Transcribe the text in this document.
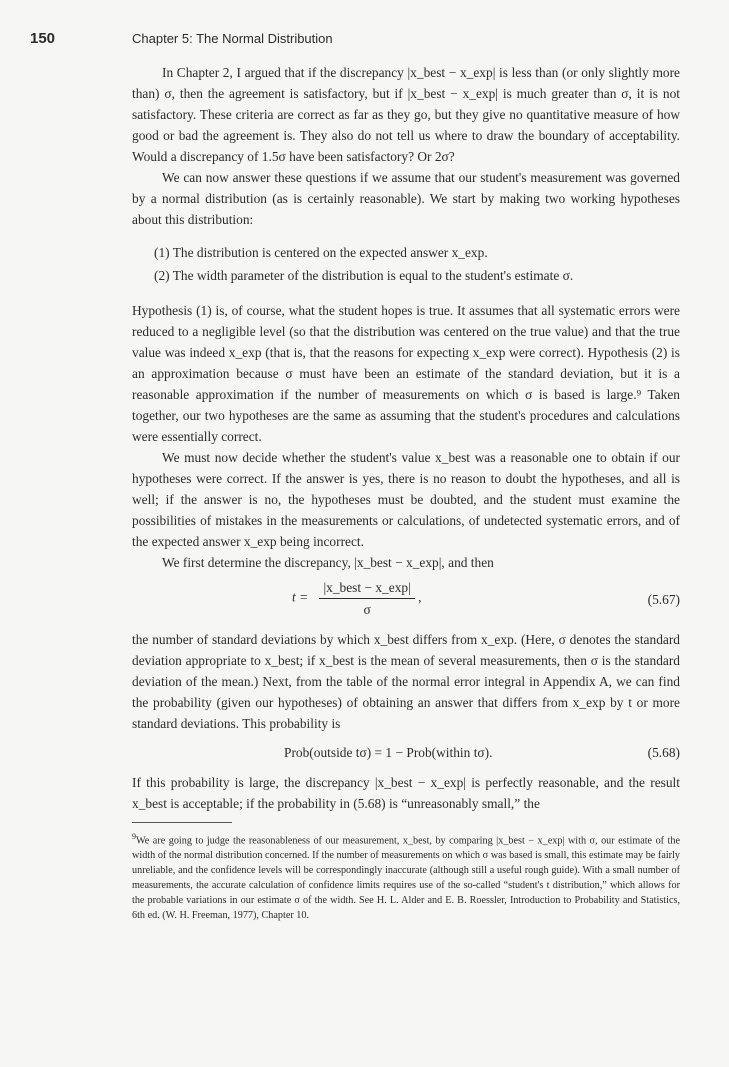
150	Chapter 5: The Normal Distribution

In Chapter 2, I argued that if the discrepancy |x_best − x_exp| is less than (or only slightly more than) σ, then the agreement is satisfactory, but if |x_best − x_exp| is much greater than σ, it is not satisfactory. These criteria are correct as far as they go, but they give no quantitative measure of how good or bad the agreement is. They also do not tell us where to draw the boundary of acceptability. Would a discrepancy of 1.5σ have been satisfactory? Or 2σ?

We can now answer these questions if we assume that our student's measurement was governed by a normal distribution (as is certainly reasonable). We start by making two working hypotheses about this distribution:

(1) The distribution is centered on the expected answer x_exp.

(2) The width parameter of the distribution is equal to the student's estimate σ.

Hypothesis (1) is, of course, what the student hopes is true. It assumes that all systematic errors were reduced to a negligible level (so that the distribution was centered on the true value) and that the true value was indeed x_exp (that is, that the reasons for expecting x_exp were correct). Hypothesis (2) is an approximation because σ must have been an estimate of the standard deviation, but it is a reasonable approximation if the number of measurements on which σ is based is large.⁹ Taken together, our two hypotheses are the same as assuming that the student's procedures and calculations were essentially correct.

We must now decide whether the student's value x_best was a reasonable one to obtain if our hypotheses were correct. If the answer is yes, there is no reason to doubt the hypotheses, and all is well; if the answer is no, the hypotheses must be doubted, and the student must examine the possibilities of mistakes in the measurements or calculations, of undetected systematic errors, and of the expected answer x_exp being incorrect.

We first determine the discrepancy, |x_best − x_exp|, and then

$t = \frac{\text{|x\_best − x\_exp|}}{\sigma}$ ,	(5.67)

the number of standard deviations by which x_best differs from x_exp. (Here, σ denotes the standard deviation appropriate to x_best; if x_best is the mean of several measurements, then σ is the standard deviation of the mean.) Next, from the table of the normal error integral in Appendix A, we can find the probability (given our hypotheses) of obtaining an answer that differs from x_exp by t or more standard deviations. This probability is

Prob(outside tσ) = 1 − Prob(within tσ).	(5.68)

If this probability is large, the discrepancy |x_best − x_exp| is perfectly reasonable, and the result x_best is acceptable; if the probability in (5.68) is “unreasonably small,” the

$^9$We are going to judge the reasonableness of our measurement, x_best, by comparing |x_best − x_exp| with σ, our estimate of the width of the normal distribution concerned. If the number of measurements on which σ was based is small, this estimate may be fairly unreliable, and the confidence levels will be correspondingly inaccurate (although still a useful rough guide). With a small number of measurements, the accurate calculation of confidence limits requires use of the so-called “student's t distribution,” which allows for the probable variations in our estimate σ of the width. See H. L. Alder and E. B. Roessler, Introduction to Probability and Statistics, 6th ed. (W. H. Freeman, 1977), Chapter 10.
